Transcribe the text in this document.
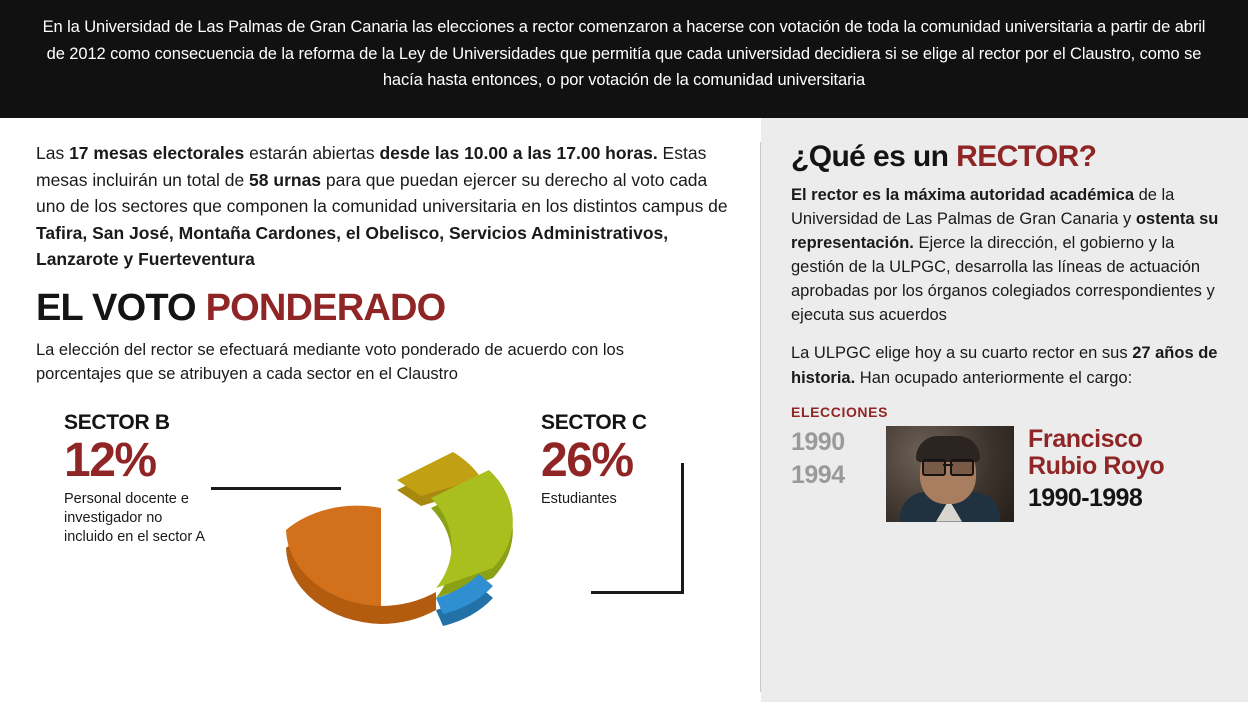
En la Universidad de Las Palmas de Gran Canaria las elecciones a rector comenzaron a hacerse con votación de toda la comunidad universitaria a partir de abril de 2012 como consecuencia de la reforma de la Ley de Universidades que permitía que cada universidad decidiera si se elige al rector por el Claustro, como se hacía hasta entonces, o por votación de la comunidad universitaria

Las 17 mesas electorales estarán abiertas desde las 10.00 a las 17.00 horas. Estas mesas incluirán un total de 58 urnas para que puedan ejercer su derecho al voto cada uno de los sectores que componen la comunidad universitaria en los distintos campus de Tafira, San José, Montaña Cardones, el Obelisco, Servicios Administrativos, Lanzarote y Fuerteventura

EL VOTO PONDERADO

La elección del rector se efectuará mediante voto ponderado de acuerdo con los porcentajes que se atribuyen a cada sector en el Claustro

SECTOR B

12%

Personal docente e investigador no incluido en el sector A

SECTOR C

26%

Estudiantes

¿Qué es un RECTOR?

El rector es la máxima autoridad académica de la Universidad de Las Palmas de Gran Canaria y ostenta su representación. Ejerce la dirección, el gobierno y la gestión de la ULPGC, desarrolla las líneas de actuación aprobadas por los órganos colegiados correspondientes y ejecuta sus acuerdos

La ULPGC elige hoy a su cuarto rector en sus 27 años de historia. Han ocupado anteriormente el cargo:

ELECCIONES

1990
1994
Francisco
Rubio Royo
1990-1998
